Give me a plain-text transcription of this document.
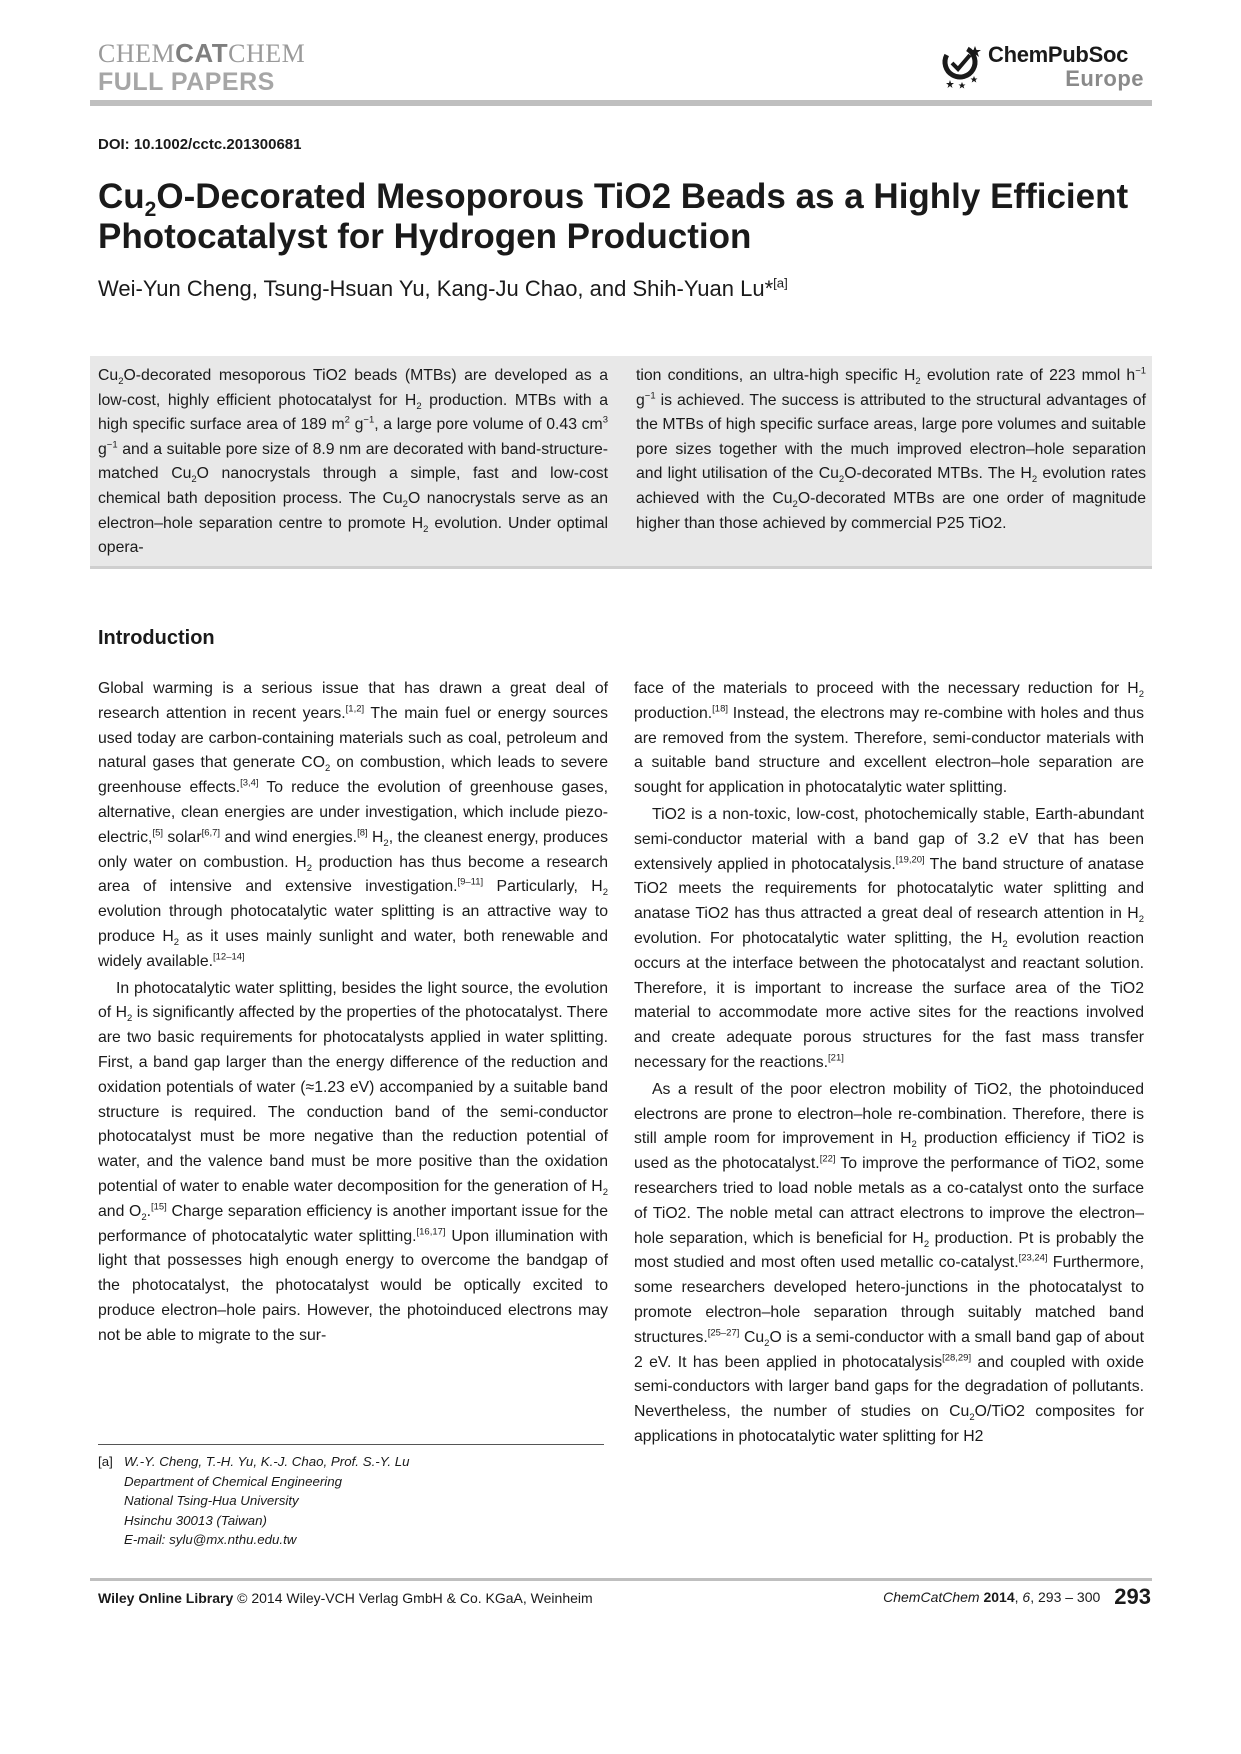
CHEMCATCHEM
FULL PAPERS
ChemPubSoc
Europe
DOI: 10.1002/cctc.201300681
$Cu_2O$-Decorated Mesoporous TiO2 Beads as a Highly Efficient Photocatalyst for Hydrogen Production
Wei-Yun Cheng, Tsung-Hsuan Yu, Kang-Ju Chao, and Shih-Yuan Lu*[a]

$Cu_2O$-decorated mesoporous TiO2 beads (MTBs) are developed as a low-cost, highly efficient photocatalyst for $H_2$ production. MTBs with a high specific surface area of 189 $m^2$ $g^{-1}$, a large pore volume of 0.43 $cm^3$ $g^{-1}$ and a suitable pore size of 8.9 nm are decorated with band-structure-matched $Cu_2O$ nanocrystals through a simple, fast and low-cost chemical bath deposition process. The $Cu_2O$ nanocrystals serve as an electron–hole separation centre to promote $H_2$ evolution. Under optimal opera-

tion conditions, an ultra-high specific $H_2$ evolution rate of 223 mmol $h^{-1}$ $g^{-1}$ is achieved. The success is attributed to the structural advantages of the MTBs of high specific surface areas, large pore volumes and suitable pore sizes together with the much improved electron–hole separation and light utilisation of the $Cu_2O$-decorated MTBs. The $H_2$ evolution rates achieved with the $Cu_2O$-decorated MTBs are one order of magnitude higher than those achieved by commercial P25 TiO2.

Introduction

Global warming is a serious issue that has drawn a great deal of research attention in recent years.[1,2] The main fuel or energy sources used today are carbon-containing materials such as coal, petroleum and natural gases that generate $CO_2$ on combustion, which leads to severe greenhouse effects.[3,4] To reduce the evolution of greenhouse gases, alternative, clean energies are under investigation, which include piezo-electric,[5] solar[6,7] and wind energies.[8] $H_2$, the cleanest energy, produces only water on combustion. $H_2$ production has thus become a research area of intensive and extensive investigation.[9–11] Particularly, $H_2$ evolution through photocatalytic water splitting is an attractive way to produce $H_2$ as it uses mainly sunlight and water, both renewable and widely available.[12–14]

In photocatalytic water splitting, besides the light source, the evolution of $H_2$ is significantly affected by the properties of the photocatalyst. There are two basic requirements for photocatalysts applied in water splitting. First, a band gap larger than the energy difference of the reduction and oxidation potentials of water (≈1.23 eV) accompanied by a suitable band structure is required. The conduction band of the semi-conductor photocatalyst must be more negative than the reduction potential of water, and the valence band must be more positive than the oxidation potential of water to enable water decomposition for the generation of $H_2$ and $O_2.[15]$ Charge separation efficiency is another important issue for the performance of photocatalytic water splitting.[16,17] Upon illumination with light that possesses high enough energy to overcome the bandgap of the photocatalyst, the photocatalyst would be optically excited to produce electron–hole pairs. However, the photoinduced electrons may not be able to migrate to the sur-

face of the materials to proceed with the necessary reduction for $H_2$ production.[18] Instead, the electrons may re-combine with holes and thus are removed from the system. Therefore, semi-conductor materials with a suitable band structure and excellent electron–hole separation are sought for application in photocatalytic water splitting.

TiO2 is a non-toxic, low-cost, photochemically stable, Earth-abundant semi-conductor material with a band gap of 3.2 eV that has been extensively applied in photocatalysis.[19,20] The band structure of anatase TiO2 meets the requirements for photocatalytic water splitting and anatase TiO2 has thus attracted a great deal of research attention in $H_2$ evolution. For photocatalytic water splitting, the $H_2$ evolution reaction occurs at the interface between the photocatalyst and reactant solution. Therefore, it is important to increase the surface area of the TiO2 material to accommodate more active sites for the reactions involved and create adequate porous structures for the fast mass transfer necessary for the reactions.[21]

As a result of the poor electron mobility of TiO2, the photoinduced electrons are prone to electron–hole re-combination. Therefore, there is still ample room for improvement in $H_2$ production efficiency if TiO2 is used as the photocatalyst.[22] To improve the performance of TiO2, some researchers tried to load noble metals as a co-catalyst onto the surface of TiO2. The noble metal can attract electrons to improve the electron–hole separation, which is beneficial for $H_2$ production. Pt is probably the most studied and most often used metallic co-catalyst.[23,24] Furthermore, some researchers developed hetero-junctions in the photocatalyst to promote electron–hole separation through suitably matched band structures.[25–27] $Cu_2O$ is a semi-conductor with a small band gap of about 2 eV. It has been applied in photocatalysis[28,29] and coupled with oxide semi-conductors with larger band gaps for the degradation of pollutants. Nevertheless, the number of studies on $Cu_2O/TiO2$ composites for applications in photocatalytic water splitting for H2

[a] W.-Y. Cheng, T.-H. Yu, K.-J. Chao, Prof. S.-Y. Lu
Department of Chemical Engineering
National Tsing-Hua University
Hsinchu 30013 (Taiwan)
E-mail: sylu@mx.nthu.edu.tw
Wiley Online Library © 2014 Wiley-VCH Verlag GmbH & Co. KGaA, Weinheim	ChemCatChem 2014, 6, 293 – 300 293
